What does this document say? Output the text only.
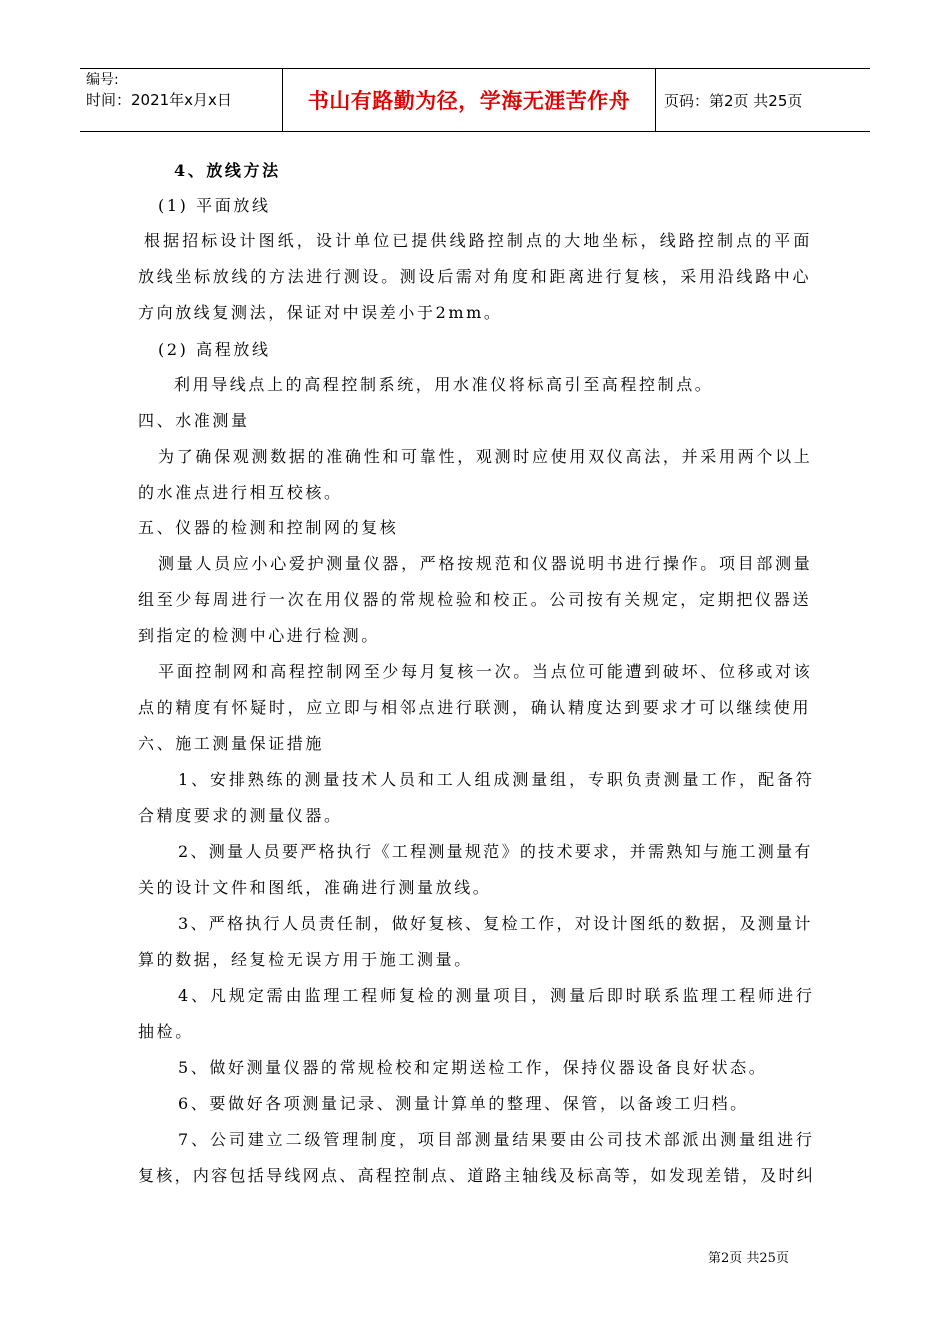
编号:
时间：2021年x月x日	书山有路勤为径，学海无涯苦作舟 页码：第2页 共25页
4、放线方法
(1) 平面放线
根据招标设计图纸，设计单位已提供线路控制点的大地坐标，线路控制点的平面
放线坐标放线的方法进行测设。测设后需对角度和距离进行复核，采用沿线路中心
方向放线复测法，保证对中误差小于2mm。
(2) 高程放线
利用导线点上的高程控制系统，用水准仪将标高引至高程控制点。
四、水准测量
为了确保观测数据的准确性和可靠性，观测时应使用双仪高法，并采用两个以上
的水准点进行相互校核。
五、仪器的检测和控制网的复核
测量人员应小心爱护测量仪器，严格按规范和仪器说明书进行操作。项目部测量
组至少每周进行一次在用仪器的常规检验和校正。公司按有关规定，定期把仪器送
到指定的检测中心进行检测。
平面控制网和高程控制网至少每月复核一次。当点位可能遭到破坏、位移或对该
点的精度有怀疑时，应立即与相邻点进行联测，确认精度达到要求才可以继续使用
六、施工测量保证措施
1、安排熟练的测量技术人员和工人组成测量组，专职负责测量工作，配备符
合精度要求的测量仪器。
2、测量人员要严格执行《工程测量规范》的技术要求，并需熟知与施工测量有
关的设计文件和图纸，准确进行测量放线。
3、严格执行人员责任制，做好复核、复检工作，对设计图纸的数据，及测量计
算的数据，经复检无误方用于施工测量。
4、凡规定需由监理工程师复检的测量项目，测量后即时联系监理工程师进行
抽检。
5、做好测量仪器的常规检校和定期送检工作，保持仪器设备良好状态。
6、要做好各项测量记录、测量计算单的整理、保管，以备竣工归档。
7、公司建立二级管理制度，项目部测量结果要由公司技术部派出测量组进行
复核，内容包括导线网点、高程控制点、道路主轴线及标高等，如发现差错，及时纠
第2页 共25页
